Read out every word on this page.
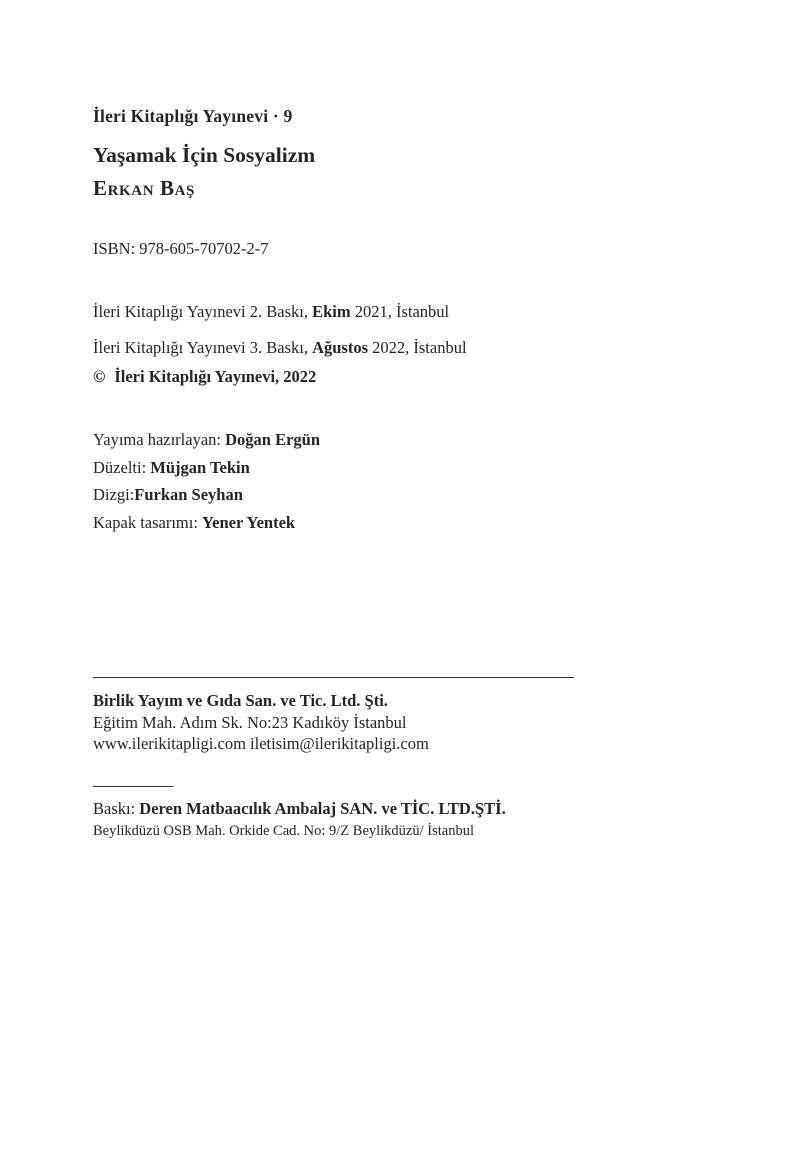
İleri Kitaplığı Yayınevi · 9

Yaşamak İçin Sosyalizm

Erkan Baş

ISBN: 978-605-70702-2-7

İleri Kitaplığı Yayınevi 2. Baskı, Ekim 2021, İstanbul

İleri Kitaplığı Yayınevi 3. Baskı, Ağustos 2022, İstanbul

© İleri Kitaplığı Yayınevi, 2022

Yayıma hazırlayan: Doğan Ergün

Düzelti: Müjgan Tekin

Dizgi:Furkan Seyhan

Kapak tasarımı: Yener Yentek

Birlik Yayım ve Gıda San. ve Tic. Ltd. Şti.
Eğitim Mah. Adım Sk. No:23 Kadıköy İstanbul
www.ilerikitapligi.com iletisim@ilerikitapligi.com

Baskı: Deren Matbaacılık Ambalaj SAN. ve TİC. LTD.ŞTİ.

Beylikdüzü OSB Mah. Orkide Cad. No: 9/Z Beylikdüzü/ İstanbul
